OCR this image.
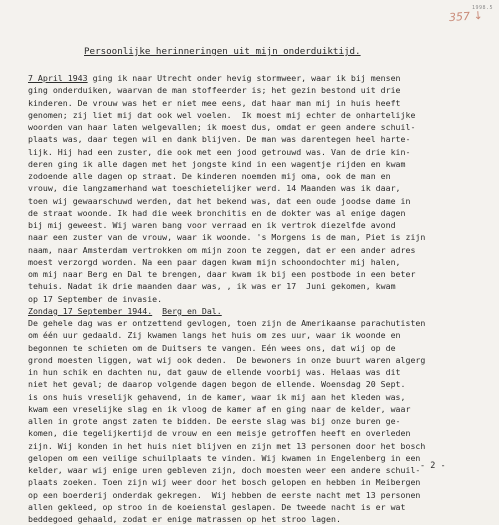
1998.5
357 ↓
Persoonlijke herinneringen uit mijn onderduiktijd.
7 April 1943 ging ik naar Utrecht onder hevig stormweer, waar ik bij mensen
ging onderduiken, waarvan de man stoffeerder is; het gezin bestond uit drie
kinderen. De vrouw was het er niet mee eens, dat haar man mij in huis heeft
genomen; zij liet mij dat ook wel voelen.  Ik moest mij echter de onhartelijke
woorden van haar laten welgevallen; ik moest dus, omdat er geen andere schuil-
plaats was, daar tegen wil en dank blijven. De man was darentegen heel harte-
lijk. Hij had een zuster, die ook met een jood getrouwd was. Van de drie kin-
deren ging ik alle dagen met het jongste kind in een wagentje rijden en kwam
zodoende alle dagen op straat. De kinderen noemden mij oma, ook de man en
vrouw, die langzamerhand wat toeschietelijker werd. 14 Maanden was ik daar,
toen wij gewaarschuwd werden, dat het bekend was, dat een oude joodse dame in
de straat woonde. Ik had die week bronchitis en de dokter was al enige dagen
bij mij geweest. Wij waren bang voor verraad en ik vertrok diezelfde avond
naar een zuster van de vrouw, waar ik woonde. 's Morgens is de man, Piet is zijn
naam, naar Amsterdam vertrokken om mijn zoon te zeggen, dat er een ander adres
moest verzorgd worden. Na een paar dagen kwam mijn schoondochter mij halen,
om mij naar Berg en Dal te brengen, daar kwam ik bij een postbode in een beter
tehuis. Nadat ik drie maanden daar was, , ik was er 17  Juni gekomen, kwam
op 17 September de invasie.
Zondag 17 September 1944. Berg en Dal.
De gehele dag was er ontzettend gevlogen, toen zijn de Amerikaanse parachutisten
om één uur gedaald. Zij kwamen langs het huis om zes uur, waar ik woonde en
begonnen te schieten om de Duitsers te vangen. Eén wees ons, dat wij op de
grond moesten liggen, wat wij ook deden.  De bewoners in onze buurt waren algerg
in hun schik en dachten nu, dat gauw de ellende voorbij was. Helaas was dit
niet het geval; de daarop volgende dagen begon de ellende. Woensdag 20 Sept.
is ons huis vreselijk gehavend, in de kamer, waar ik mij aan het kleden was,
kwam een vreselijke slag en ik vloog de kamer af en ging naar de kelder, waar
allen in grote angst zaten te bidden. De eerste slag was bij onze buren ge-
komen, die tegelijkertijd de vrouw en een meisje getroffen heeft en overleden
zijn. Wij konden in het huis niet blijven en zijn met 13 personen door het bosch
gelopen om een veilige schuilplaats te vinden. Wij kwamen in Engelenberg in een
kelder, waar wij enige uren gebleven zijn, doch moesten weer een andere schuil-
plaats zoeken. Toen zijn wij weer door het bosch gelopen en hebben in Meibergen
op een boerderij onderdak gekregen.  Wij hebben de eerste nacht met 13 personen
allen gekleed, op stroo in de koeienstal geslapen. De tweede nacht is er wat
beddegoed gehaald, zodat er enige matrassen op het stroo lagen.
- 2 -
